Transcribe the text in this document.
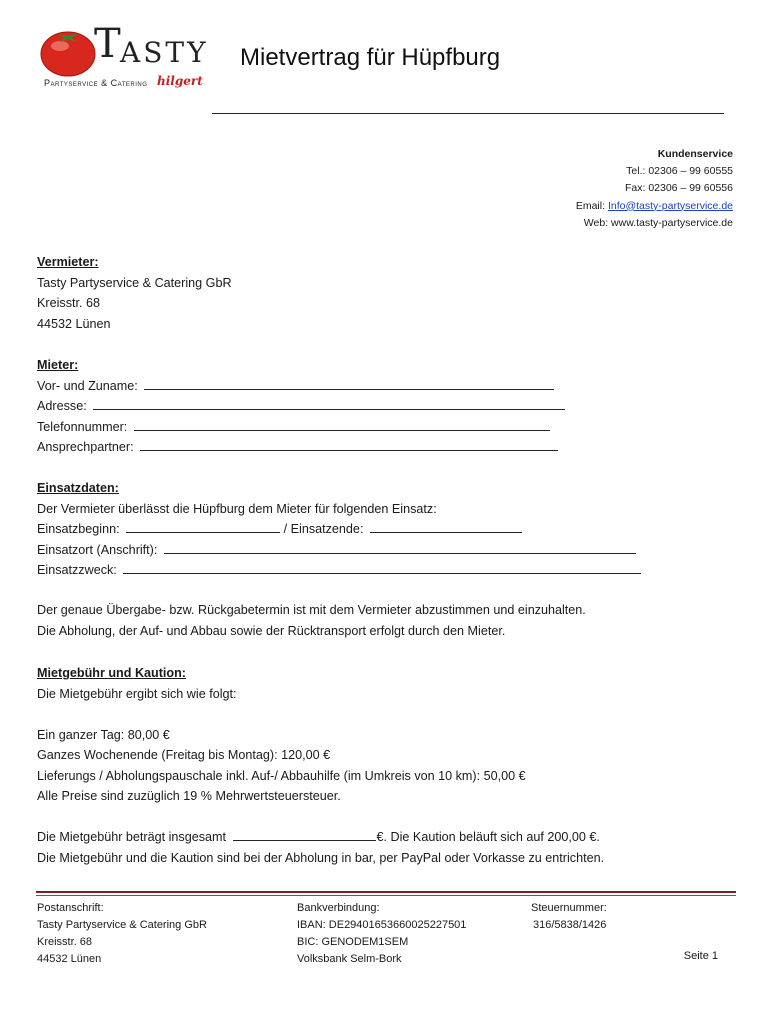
T ASTY
Partyservice & Catering hilgert
Mietvertrag für Hüpfburg
Kundenservice
Tel.: 02306 – 99 60555
Fax: 02306 – 99 60556
Email: Info@tasty-partyservice.de
Web: www.tasty-partyservice.de
Vermieter:
Tasty Partyservice & Catering GbR
Kreisstr. 68
44532 Lünen
Mieter:
Vor- und Zuname:
Adresse:
Telefonnummer:
Ansprechpartner:
Einsatzdaten:
Der Vermieter überlässt die Hüpfburg dem Mieter für folgenden Einsatz:
Einsatzbeginn:	/ Einsatzende:
Einsatzort (Anschrift):
Einsatzzweck:
Der genaue Übergabe- bzw. Rückgabetermin ist mit dem Vermieter abzustimmen und einzuhalten.
Die Abholung, der Auf- und Abbau sowie der Rücktransport erfolgt durch den Mieter.
Mietgebühr und Kaution:
Die Mietgebühr ergibt sich wie folgt:
Ein ganzer Tag: 80,00 €
Ganzes Wochenende (Freitag bis Montag): 120,00 €
Lieferungs / Abholungspauschale inkl. Auf-/ Abbauhilfe (im Umkreis von 10 km): 50,00 €
Alle Preise sind zuzüglich 19 % Mehrwertsteuersteuer.
Die Mietgebühr beträgt insgesamt	€. Die Kaution beläuft sich auf 200,00 €.
Die Mietgebühr und die Kaution sind bei der Abholung in bar, per PayPal oder Vorkasse zu entrichten.
Postanschrift:
Tasty Partyservice & Catering GbR
Kreisstr. 68
44532 Lünen
Bankverbindung:
IBAN: DE29401653660025227501
BIC: GENODEM1SEM
Volksbank Selm-Bork
Steuernummer:
316/5838/1426
Seite 1
